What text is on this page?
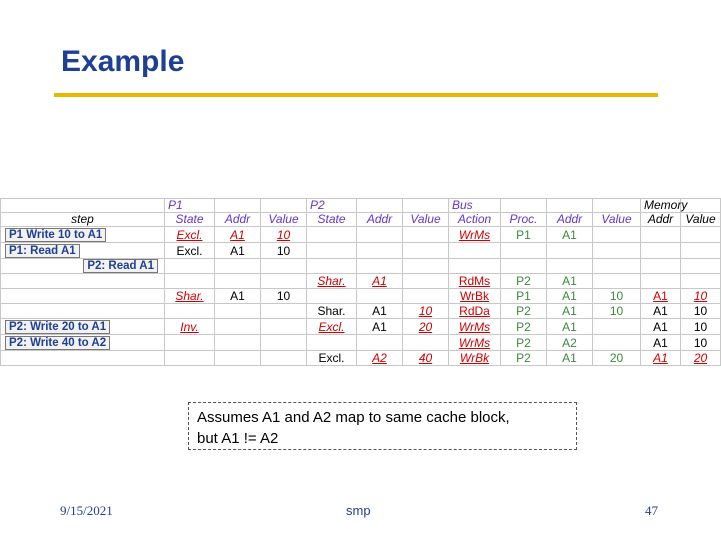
Example
	P1			P2			Bus				Memory	
step	State	Addr	Value	State	Addr	Value	Action	Proc.	Addr	Value	Addr	Value
P1 Write 10 to A1	Excl.	A1	10				WrMs	P1	A1			
P1: Read A1	Excl.	A1	10									

P2: Read A1												

				Shar.	A1		RdMs	P2	A1			
	Shar.	A1	10				WrBk	P1	A1	10	A1	10
				Shar.	A1	10	RdDa	P2	A1	10	A1	10
P2: Write 20 to A1	Inv.			Excl.	A1	20	WrMs	P2	A1		A1	10
P2: Write 40 to A2							WrMs	P2	A2		A1	10
				Excl.	A2	40	WrBk	P2	A1	20	A1	20
Assumes A1 and A2 map to same cache block,
but A1 != A2
9/15/2021	smp	47
